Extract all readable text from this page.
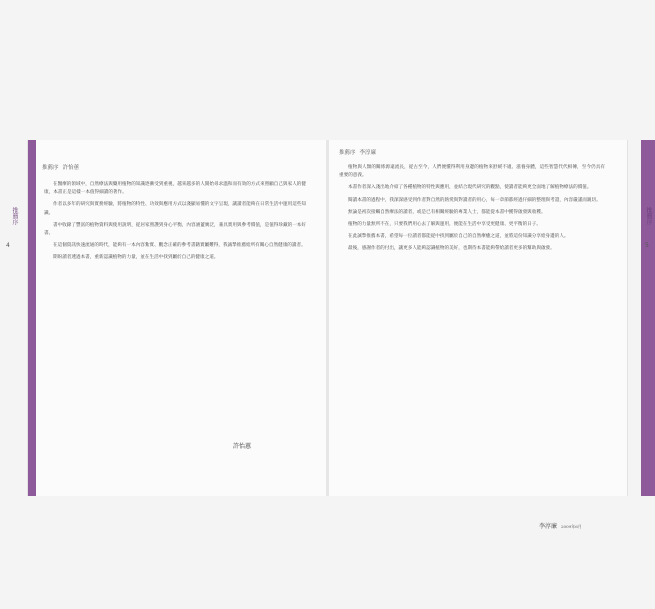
推薦序 許怡蕙

在醫療的領域中，自然療法與藥用植物的知識逐漸受到重視，越來越多的人開始尋求溫和而有效的方式來照顧自己與家人的健康，本書正是這樣一本值得細讀的著作。

作者以多年的研究與實務經驗，將植物的特性、功效與應用方式以淺顯易懂的文字呈現，讓讀者能夠在日常生活中運用這些知識。

書中收錄了豐富的植物資料與使用說明，從居家照護到身心平衡，內容涵蓋廣泛，兼具實用與參考價值，是值得珍藏的一本好書。

在這個資訊快速流通的時代，能夠有一本內容紮實、觀念正確的參考書籍實屬難得，我誠摯推薦給所有關心自然健康的讀者。

期盼讀者透過本書，重新認識植物的力量，並在生活中找到屬於自己的健康之道。

許怡蕙
推薦序
4
推薦序 李淳廉

植物與人類的關係源遠流長，從古至今，人們便懂得利用身邊的植物來舒緩不適、滋養身體，這些智慧代代相傳，至今仍具有重要的意義。

本書作者深入淺出地介紹了各種植物的特性與應用，並結合現代研究的觀點，使讀者能夠更全面地了解植物療法的價值。

閱讀本書的過程中，我深深感受到作者對自然的熱愛與對讀者的用心，每一章節都經過仔細的整理與考證，內容嚴謹而親切。

無論是初次接觸自然療法的讀者，或是已有相關經驗的專業人士，都能從本書中獲得啟發與收穫。

植物的力量無所不在，只要我們用心去了解與運用，便能在生活中享受更健康、更平衡的日子。

在此誠摯推薦本書，希望每一位讀者都能從中找到屬於自己的自然療癒之道，並將這份知識分享給身邊的人。

最後，感謝作者的付出，讓更多人能夠認識植物的美好，也期待本書能夠帶給讀者更多的幫助與啟發。

李淳廉 2009年6月
推薦序
5
